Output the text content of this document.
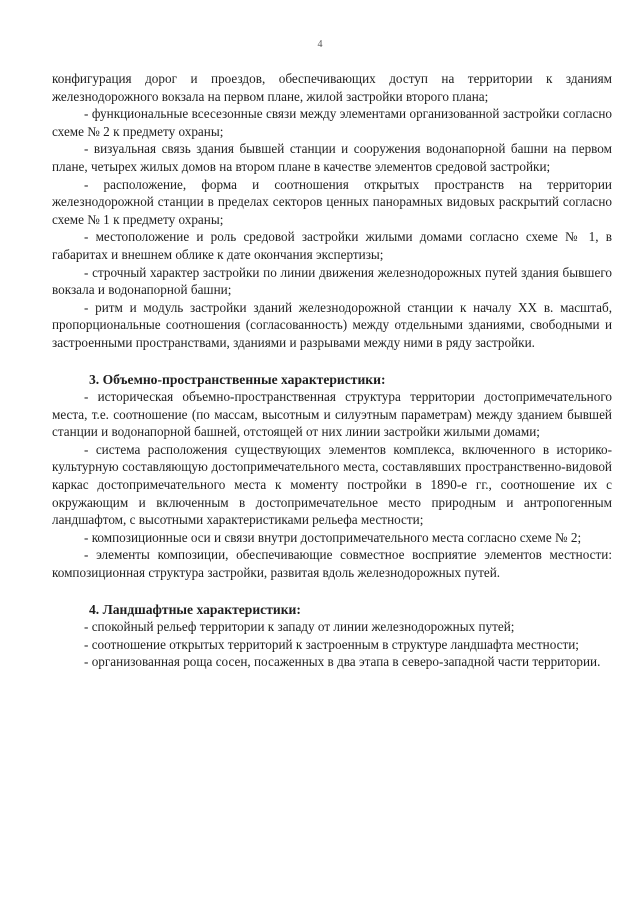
4

конфигурация дорог и проездов, обеспечивающих доступ на территории к зданиям железнодорожного вокзала на первом плане, жилой застройки второго плана;

- функциональные всесезонные связи между элементами организованной застройки согласно схеме № 2 к предмету охраны;

- визуальная связь здания бывшей станции и сооружения водонапорной башни на первом плане, четырех жилых домов на втором плане в качестве элементов средовой застройки;

- расположение, форма и соотношения открытых пространств на территории железнодорожной станции в пределах секторов ценных панорамных видовых раскрытий согласно схеме № 1 к предмету охраны;

- местоположение и роль средовой застройки жилыми домами согласно схеме № 1, в габаритах и внешнем облике к дате окончания экспертизы;

- строчный характер застройки по линии движения железнодорожных путей здания бывшего вокзала и водонапорной башни;

- ритм и модуль застройки зданий железнодорожной станции к началу XX в. масштаб, пропорциональные соотношения (согласованность) между отдельными зданиями, свободными и застроенными пространствами, зданиями и разрывами между ними в ряду застройки.

3. Объемно-пространственные характеристики:

- историческая объемно-пространственная структура территории достопримечательного места, т.е. соотношение (по массам, высотным и силуэтным параметрам) между зданием бывшей станции и водонапорной башней, отстоящей от них линии застройки жилыми домами;

- система расположения существующих элементов комплекса, включенного в историко-культурную составляющую достопримечательного места, составлявших пространственно-видовой каркас достопримечательного места к моменту постройки в 1890-е гг., соотношение их с окружающим и включенным в достопримечательное место природным и антропогенным ландшафтом, с высотными характеристиками рельефа местности;

- композиционные оси и связи внутри достопримечательного места согласно схеме № 2;

- элементы композиции, обеспечивающие совместное восприятие элементов местности: композиционная структура застройки, развитая вдоль железнодорожных путей.

4. Ландшафтные характеристики:

- спокойный рельеф территории к западу от линии железнодорожных путей;

- соотношение открытых территорий к застроенным в структуре ландшафта местности;

- организованная роща сосен, посаженных в два этапа в северо-западной части территории.
